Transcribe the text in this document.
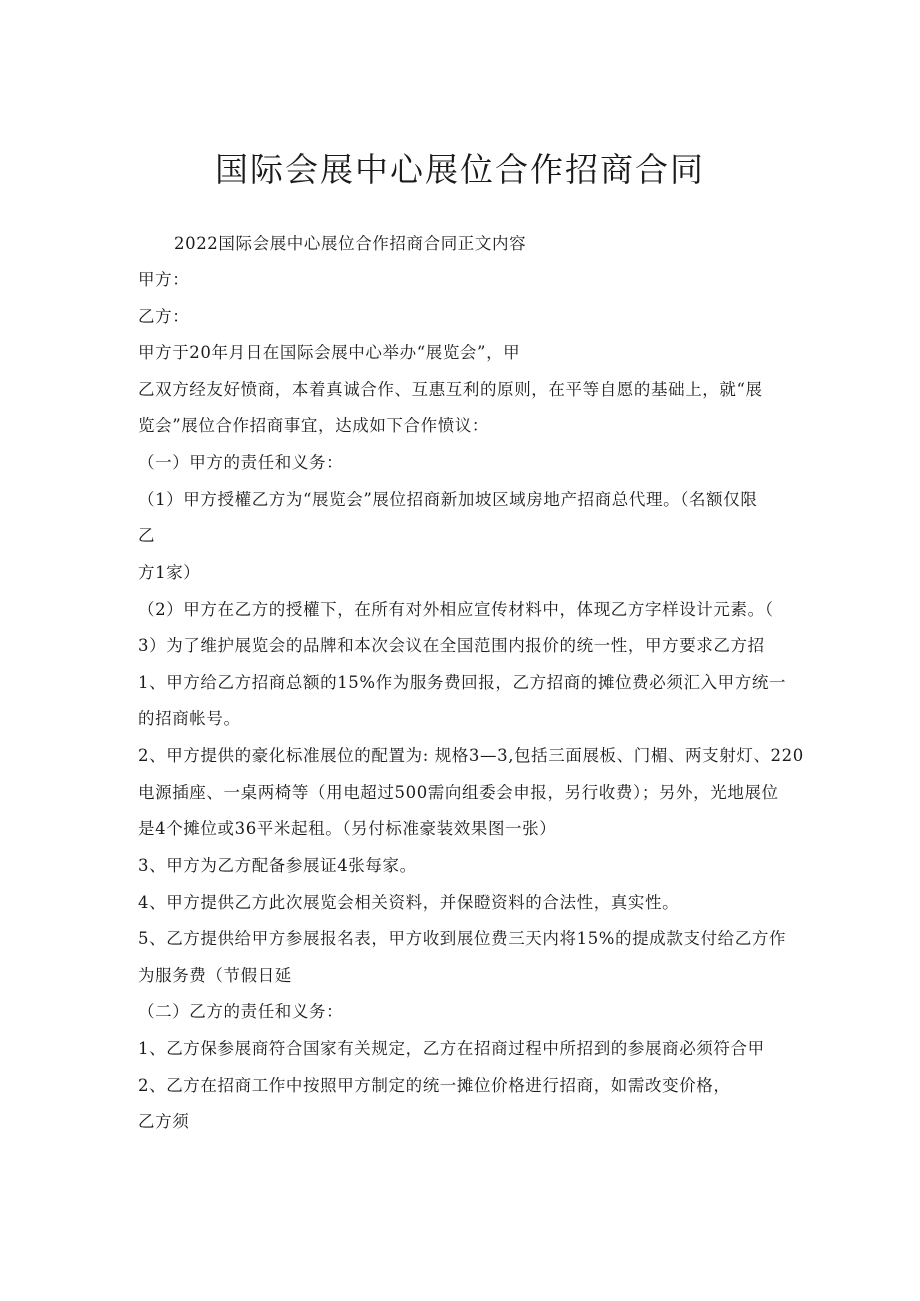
国际会展中心展位合作招商合同
2022国际会展中心展位合作招商合同正文内容
甲方：
乙方：
甲方于20年月日在国际会展中心举办“展览会”，甲
乙双方经友好愤商，本着真诚合作、互惠互利的原则，在平等自愿的基础上，就“展
览会”展位合作招商事宜，达成如下合作愤议：
（一）甲方的责任和义务：
（1）甲方授權乙方为“展览会”展位招商新加坡区域房地产招商总代理。（名额仅限
乙
方1家）
（2）甲方在乙方的授權下，在所有对外相应宣传材料中，体现乙方字样设计元素。（
3）为了维护展览会的品牌和本次会议在全国范围内报价的统一性，甲方要求乙方招
1、甲方给乙方招商总额的15%作为服务费回报，乙方招商的摊位费必须汇入甲方统一
的招商帐号。
2、甲方提供的豪化标准展位的配置为: 规格3—3,包括三面展板、门楣、两支射灯、220
电源插座、一桌两椅等（用电超过500需向组委会申报，另行收费）；另外，光地展位
是4个摊位或36平米起租。（另付标准豪装效果图一张）
3、甲方为乙方配备参展证4张每家。
4、甲方提供乙方此次展览会相关资料，并保瞪资料的合法性，真实性。
5、乙方提供给甲方参展报名表，甲方收到展位费三天内将15%的提成款支付给乙方作
为服务费（节假日延
（二）乙方的责任和义务：
1、乙方保参展商符合国家有关规定，乙方在招商过程中所招到的参展商必须符合甲
2、乙方在招商工作中按照甲方制定的统一摊位价格进行招商，如需改变价格，
乙方须
